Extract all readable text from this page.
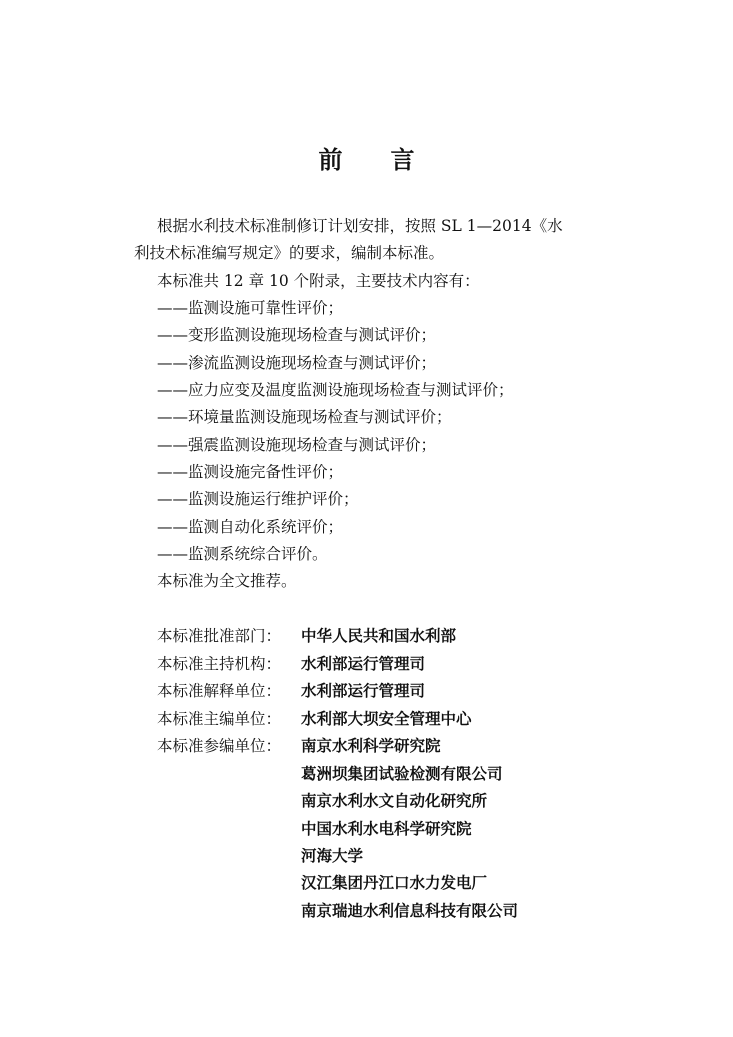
前 言
根据水利技术标准制修订计划安排，按照 SL 1—2014《水
利技术标准编写规定》的要求，编制本标准。
本标准共 12 章 10 个附录，主要技术内容有：
——监测设施可靠性评价；
——变形监测设施现场检查与测试评价；
——渗流监测设施现场检查与测试评价；
——应力应变及温度监测设施现场检查与测试评价；
——环境量监测设施现场检查与测试评价；
——强震监测设施现场检查与测试评价；
——监测设施完备性评价；
——监测设施运行维护评价；
——监测自动化系统评价；
——监测系统综合评价。
本标准为全文推荐。
本标准批准部门： 中华人民共和国水利部
本标准主持机构： 水利部运行管理司
本标准解释单位： 水利部运行管理司
本标准主编单位： 水利部大坝安全管理中心
本标准参编单位： 南京水利科学研究院
葛洲坝集团试验检测有限公司
南京水利水文自动化研究所
中国水利水电科学研究院
河海大学
汉江集团丹江口水力发电厂
南京瑞迪水利信息科技有限公司
